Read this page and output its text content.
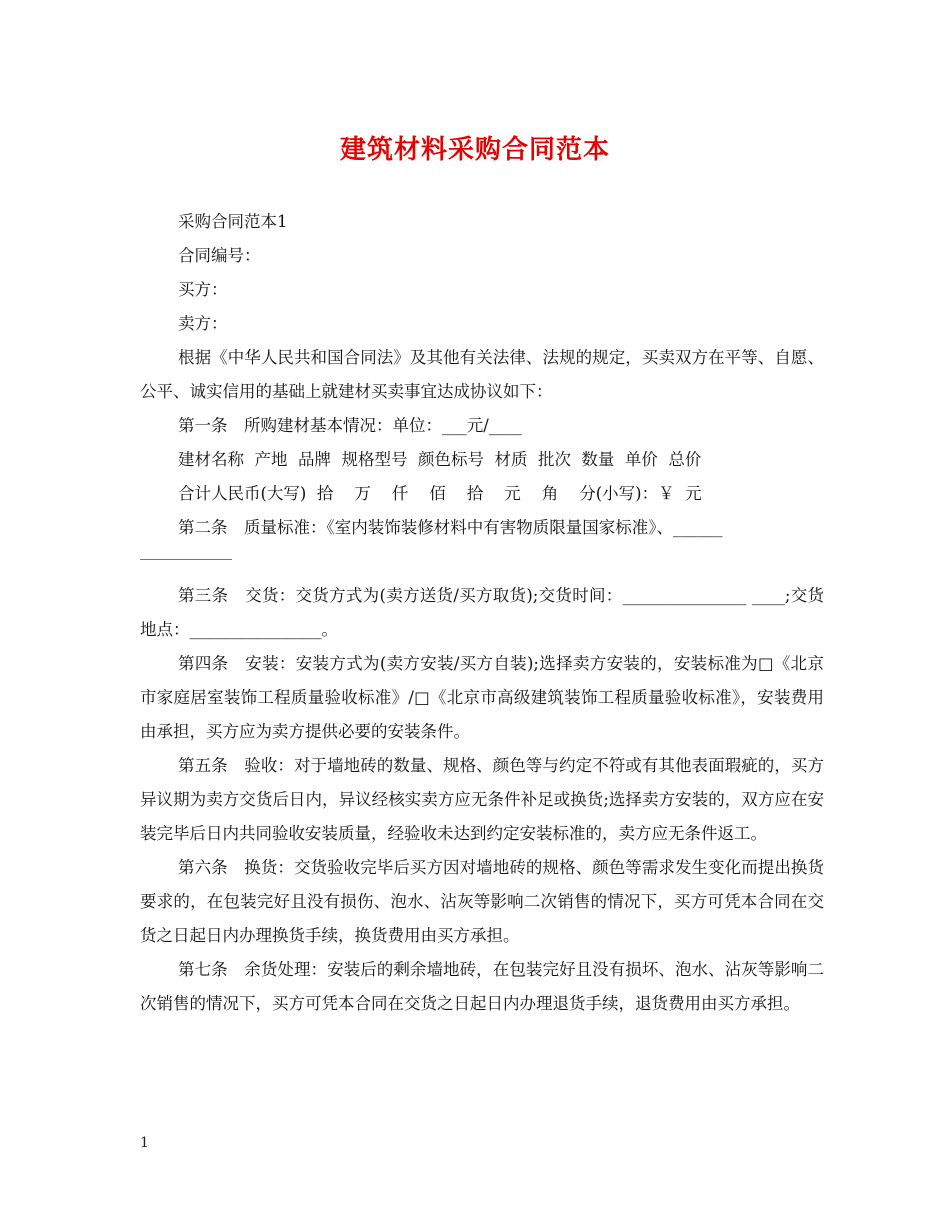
建筑材料采购合同范本

采购合同范本1

合同编号：

买方：

卖方：

根据《中华人民共和国合同法》及其他有关法律、法规的规定，买卖双方在平等、自愿、公平、诚实信用的基础上就建材买卖事宜达成协议如下：

第一条　所购建材基本情况：单位：___元/____

建材名称  产地  品牌  规格型号  颜色标号  材质  批次  数量  单价  总价

合计人民币(大写)  拾    万    仟    佰    拾    元    角    分(小写)：￥  元

第二条　质量标准：《室内装饰装修材料中有害物质限量国家标准》、______

第三条　交货：交货方式为(卖方送货/买方取货);交货时间：_______________ ____;交货地点：________________。

第四条　安装：安装方式为(卖方安装/买方自装);选择卖方安装的，安装标准为□《北京市家庭居室装饰工程质量验收标准》/□《北京市高级建筑装饰工程质量验收标准》，安装费用由承担，买方应为卖方提供必要的安装条件。

第五条　验收：对于墙地砖的数量、规格、颜色等与约定不符或有其他表面瑕疵的，买方异议期为卖方交货后日内，异议经核实卖方应无条件补足或换货;选择卖方安装的，双方应在安装完毕后日内共同验收安装质量，经验收未达到约定安装标准的，卖方应无条件返工。

第六条　换货：交货验收完毕后买方因对墙地砖的规格、颜色等需求发生变化而提出换货要求的，在包装完好且没有损伤、泡水、沾灰等影响二次销售的情况下，买方可凭本合同在交货之日起日内办理换货手续，换货费用由买方承担。

第七条　余货处理：安装后的剩余墙地砖，在包装完好且没有损坏、泡水、沾灰等影响二次销售的情况下，买方可凭本合同在交货之日起日内办理退货手续，退货费用由买方承担。

1
